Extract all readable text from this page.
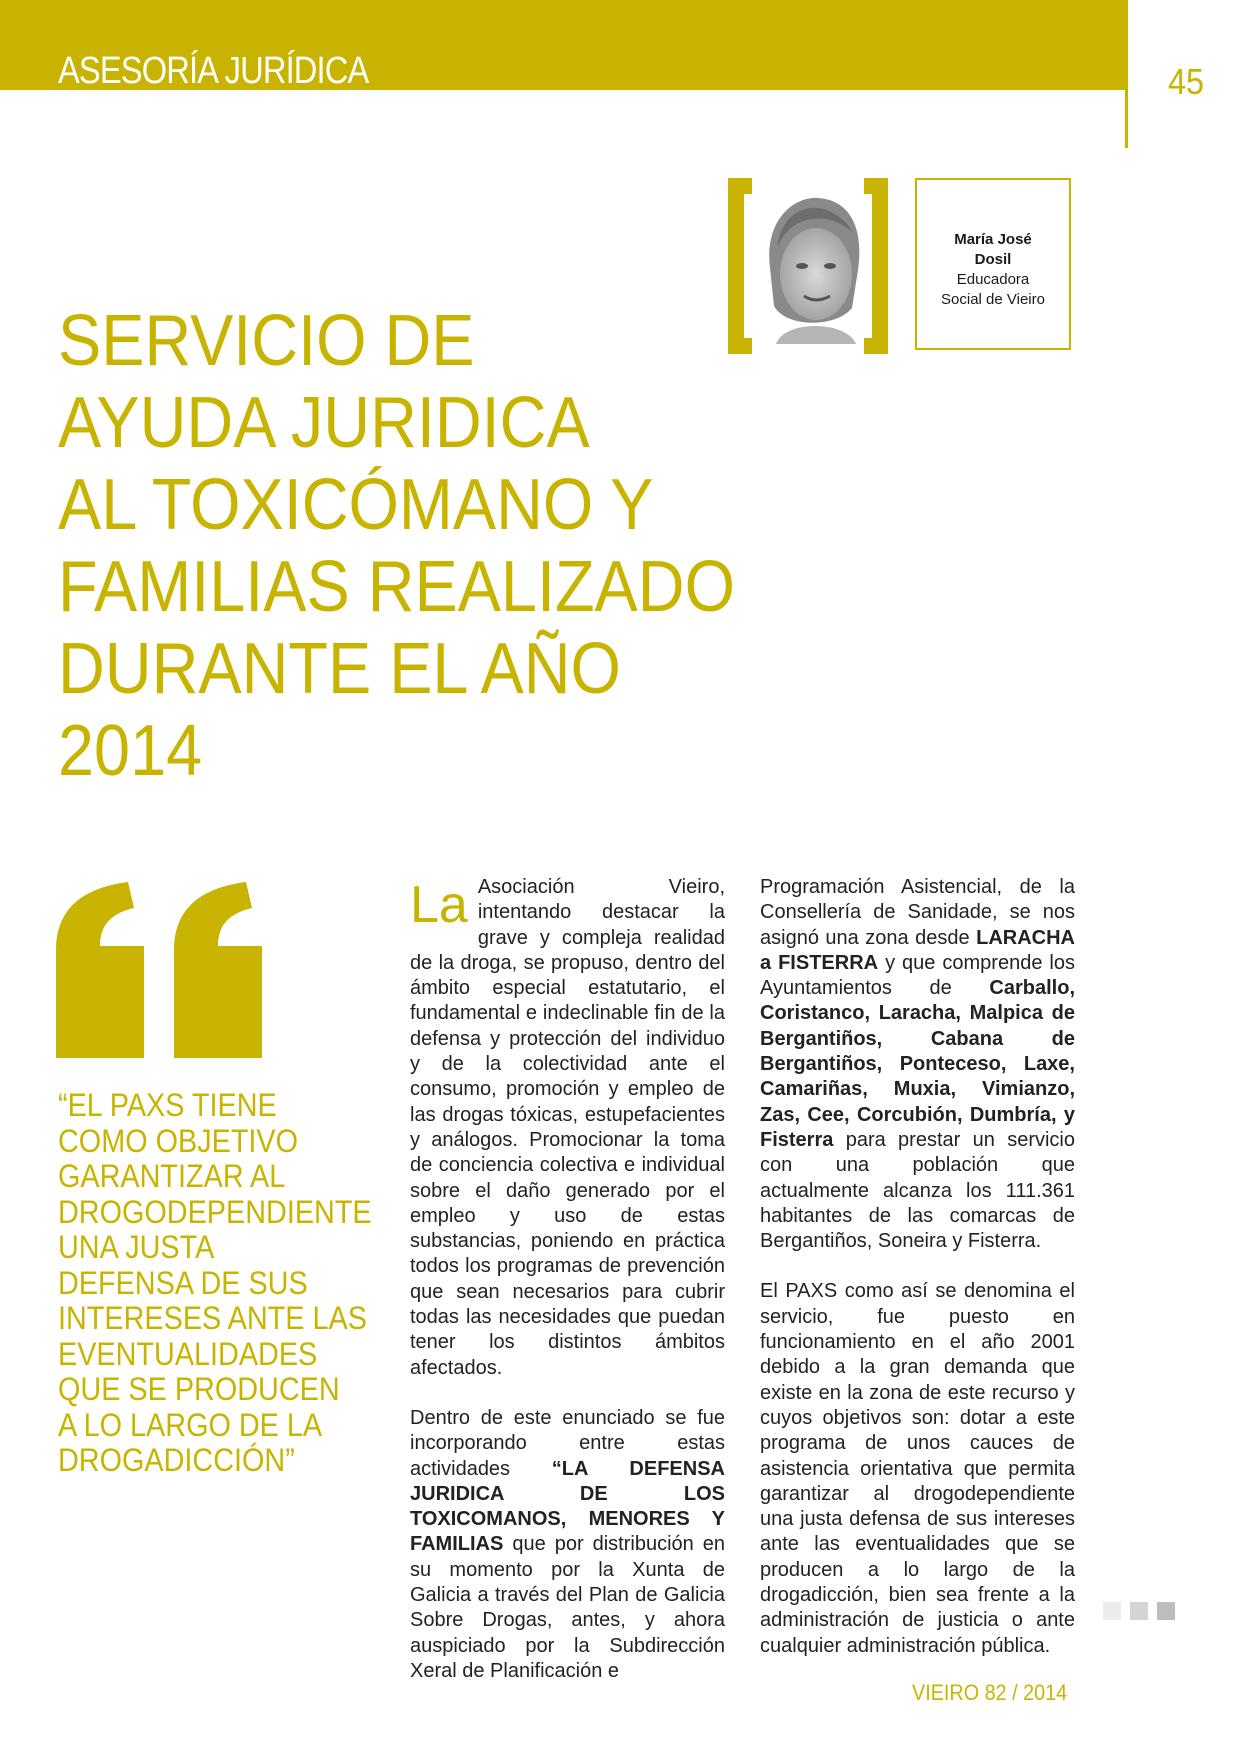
ASESORÍA JURÍDICA	45
María José
Dosil
Educadora
Social de Vieiro
SERVICIO DE
AYUDA JURIDICA
AL TOXICÓMANO Y
FAMILIAS REALIZADO
DURANTE EL AÑO
2014
“EL PAXS TIENE
COMO OBJETIVO
GARANTIZAR AL
DROGODEPENDIENTE
UNA JUSTA
DEFENSA DE SUS
INTERESES ANTE LAS
EVENTUALIDADES
QUE SE PRODUCEN
A LO LARGO DE LA
DROGADICCIÓN”

La Asociación Vieiro, intentando destacar la grave y compleja realidad de la droga, se propuso, dentro del ámbito especial estatutario, el fundamental e indeclinable fin de la defensa y protección del individuo y de la colectividad ante el consumo, promoción y empleo de las drogas tóxicas, estupefacientes y análogos. Promocionar la toma de conciencia colectiva e individual sobre el daño generado por el empleo y uso de estas substancias, poniendo en práctica todos los programas de prevención que sean necesarios para cubrir todas las necesidades que puedan tener los distintos ámbitos afectados.

Dentro de este enunciado se fue incorporando entre estas actividades “LA DEFENSA JURIDICA DE LOS TOXICOMANOS, MENORES Y FAMILIAS que por distribución en su momento por la Xunta de Galicia a través del Plan de Galicia Sobre Drogas, antes, y ahora auspiciado por la Subdirección Xeral de Planificación e

Programación Asistencial, de la Consellería de Sanidade, se nos asignó una zona desde LARACHA a FISTERRA y que comprende los Ayuntamientos de Carballo, Coristanco, Laracha, Malpica de Bergantiños, Cabana de Bergantiños, Ponteceso, Laxe, Camariñas, Muxia, Vimianzo, Zas, Cee, Corcubión, Dumbría, y Fisterra para prestar un servicio con una población que actualmente alcanza los 111.361 habitantes de las comarcas de Bergantiños, Soneira y Fisterra.

El PAXS como así se denomina el servicio, fue puesto en funcionamiento en el año 2001 debido a la gran demanda que existe en la zona de este recurso y cuyos objetivos son: dotar a este programa de unos cauces de asistencia orientativa que permita garantizar al drogodependiente una justa defensa de sus intereses ante las eventualidades que se producen a lo largo de la drogadicción, bien sea frente a la administración de justicia o ante cualquier administración pública.

VIEIRO 82 / 2014
